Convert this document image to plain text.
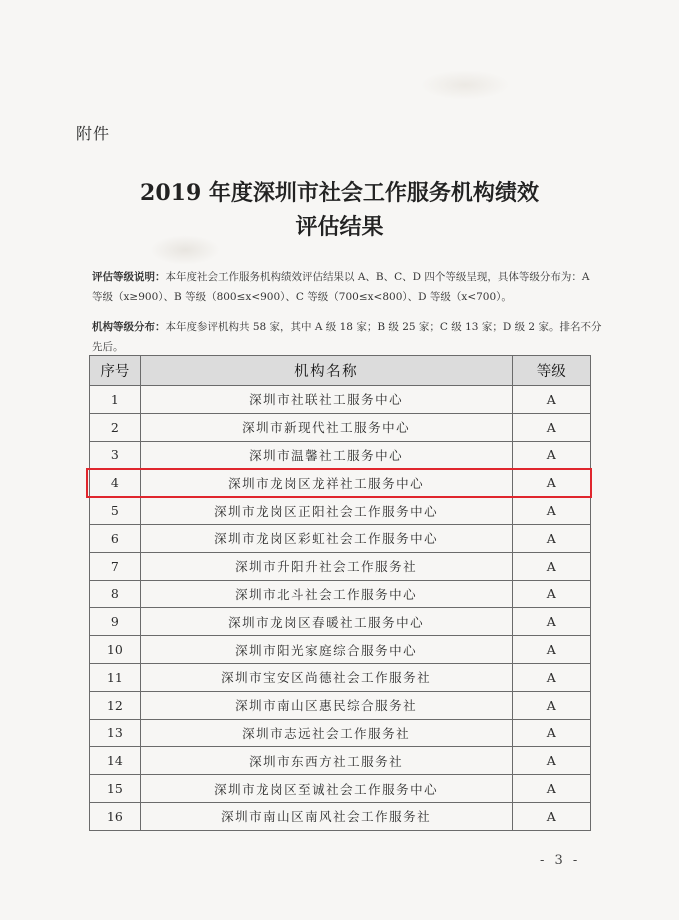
附件
2019 年度深圳市社会工作服务机构绩效
评估结果
评估等级说明：本年度社会工作服务机构绩效评估结果以 A、B、C、D 四个等级呈现，具体等级分布为：A 等级（x≥900）、B 等级（800≤x<900）、C 等级（700≤x<800）、D 等级（x<700）。
机构等级分布：本年度参评机构共 58 家，其中 A 级 18 家；B 级 25 家；C 级 13 家；D 级 2 家。排名不分先后。
序号	机构名称	等级
1	深圳市社联社工服务中心	A
2	深圳市新现代社工服务中心	A
3	深圳市温馨社工服务中心	A
4	深圳市龙岗区龙祥社工服务中心	A
5	深圳市龙岗区正阳社会工作服务中心	A
6	深圳市龙岗区彩虹社会工作服务中心	A
7	深圳市升阳升社会工作服务社	A
8	深圳市北斗社会工作服务中心	A
9	深圳市龙岗区春暖社工服务中心	A
10	深圳市阳光家庭综合服务中心	A
11	深圳市宝安区尚德社会工作服务社	A
12	深圳市南山区惠民综合服务社	A
13	深圳市志远社会工作服务社	A
14	深圳市东西方社工服务社	A
15	深圳市龙岗区至诚社会工作服务中心	A
16	深圳市南山区南风社会工作服务社	A
- 3 -
